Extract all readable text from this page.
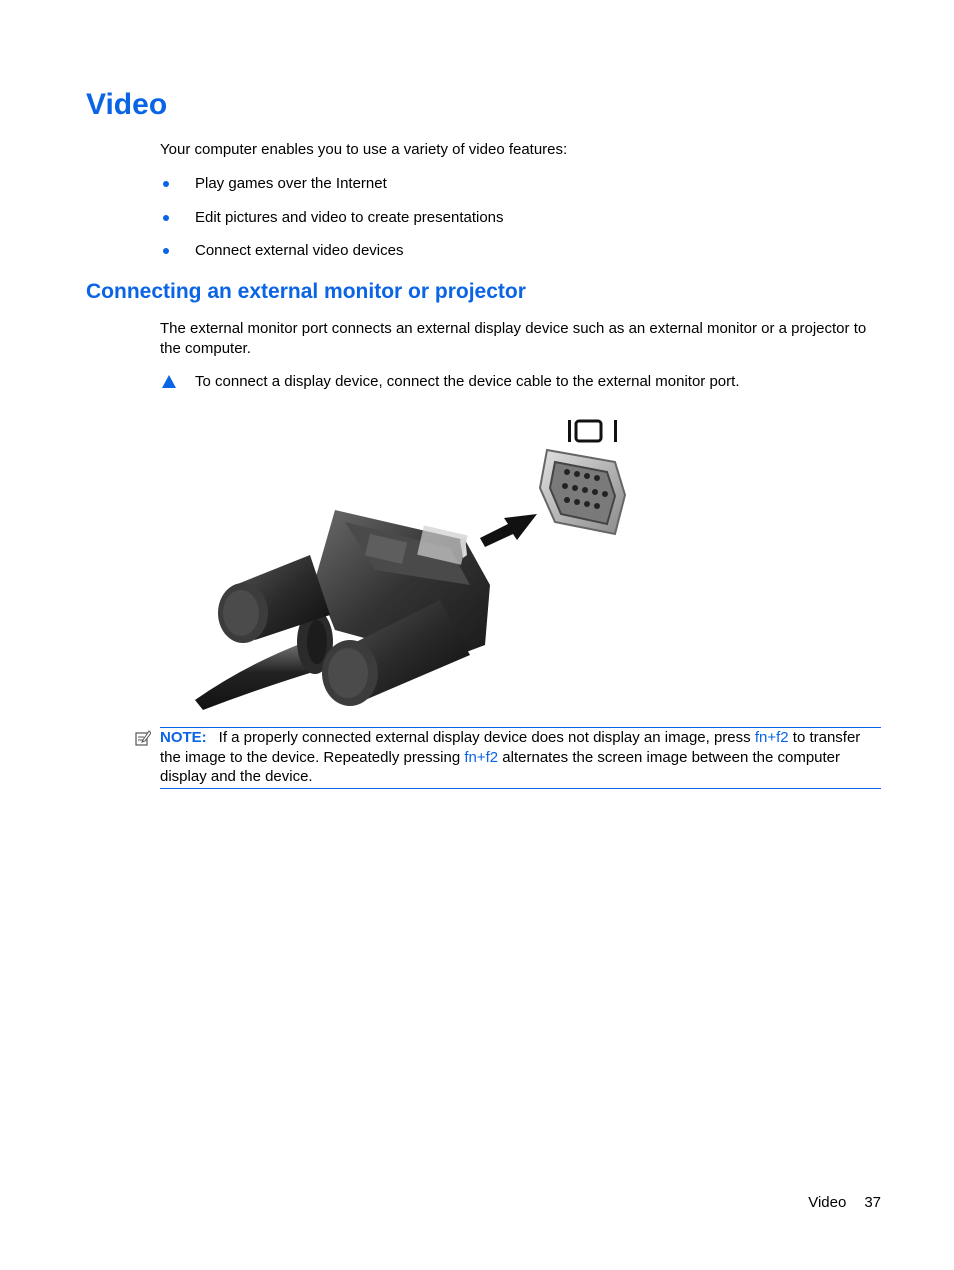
Video

Your computer enables you to use a variety of video features:

Play games over the Internet
Edit pictures and video to create presentations
Connect external video devices
Connecting an external monitor or projector

The external monitor port connects an external display device such as an external monitor or a projector to the computer.

To connect a display device, connect the device cable to the external monitor port.
NOTE: If a properly connected external display device does not display an image, press fn+f2 to transfer the image to the device. Repeatedly pressing fn+f2 alternates the screen image between the computer display and the device.
Video 37
